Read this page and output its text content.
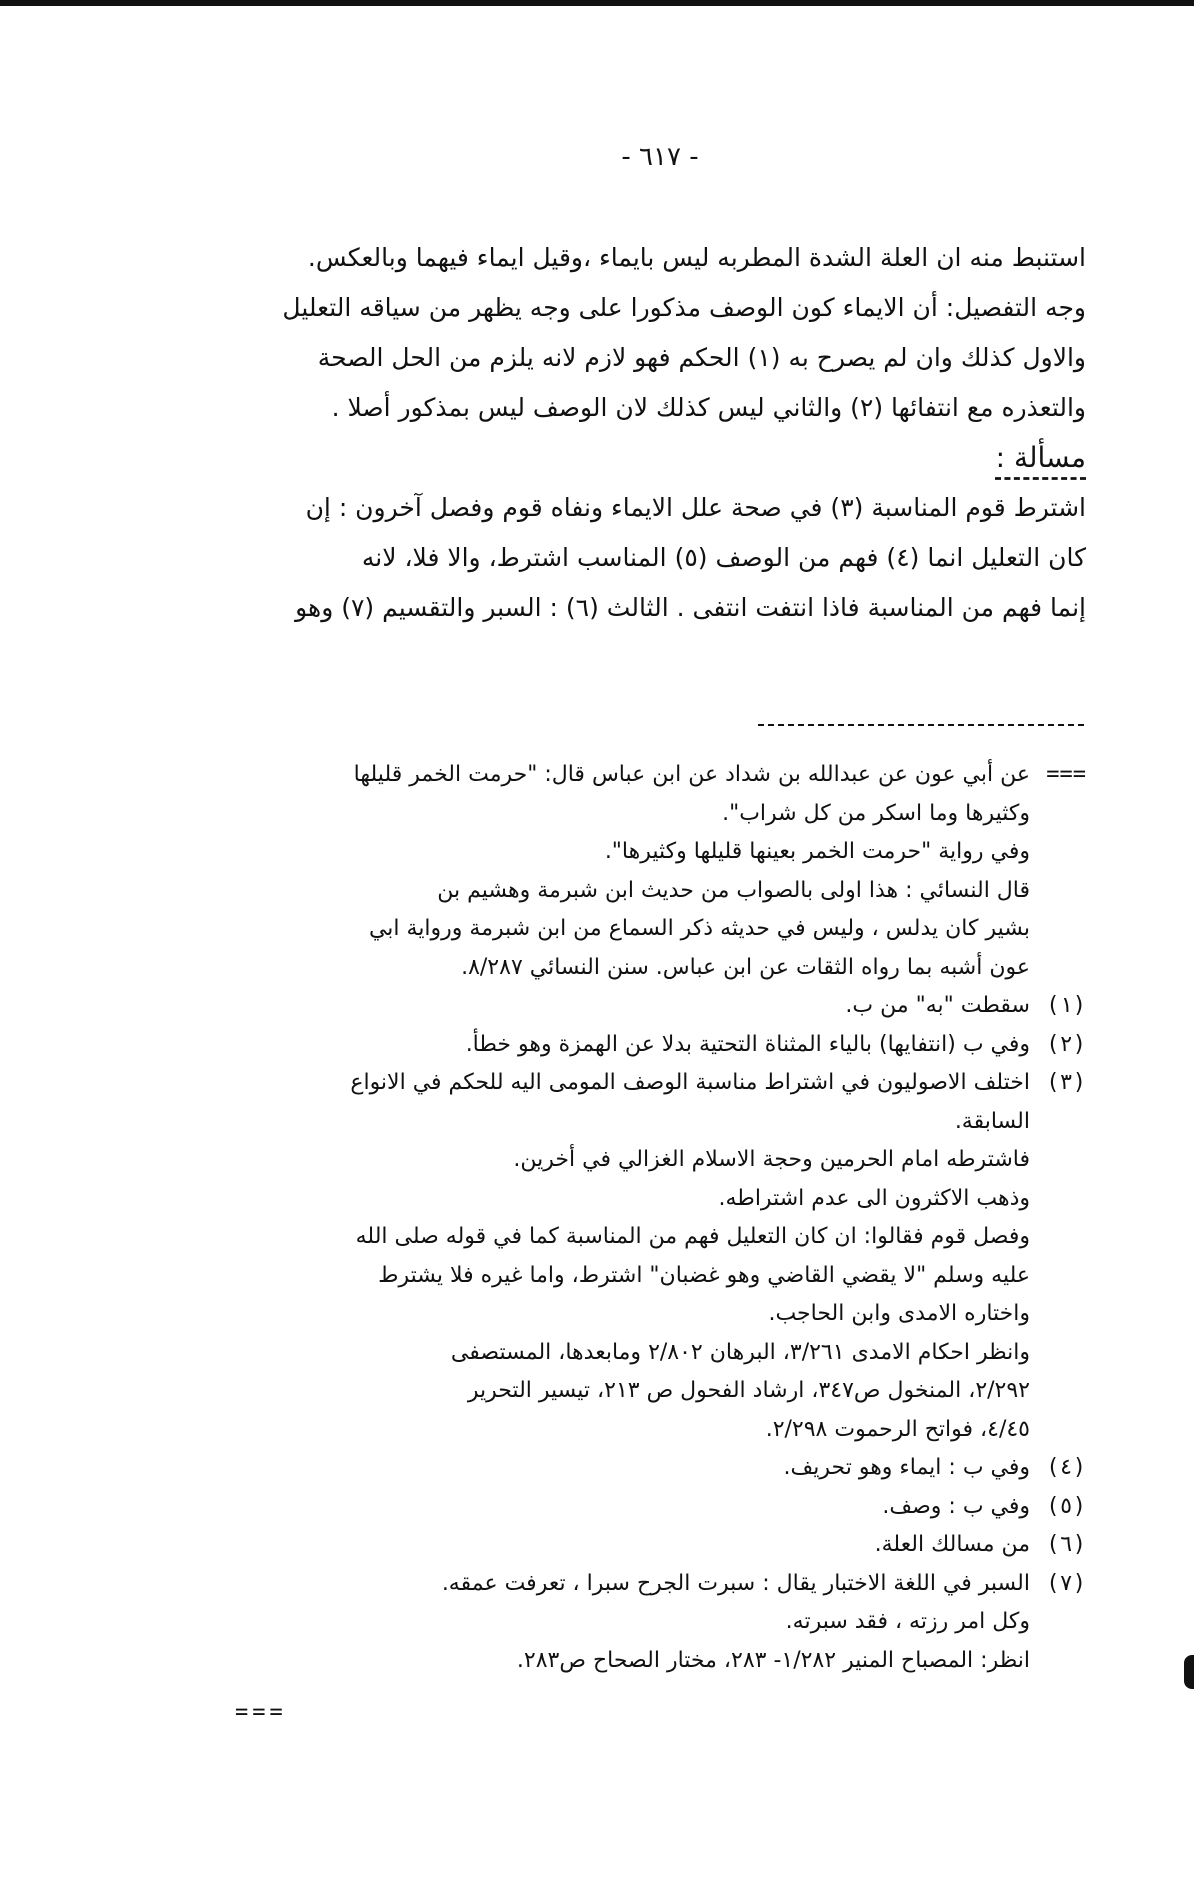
- ٦١٧ -
استنبط منه ان العلة الشدة المطربه ليس بايماء ،وقيل ايماء فيهما وبالعكس.
وجه التفصيل: أن الايماء كون الوصف مذكورا على وجه يظهر من سياقه التعليل
والاول كذلك وان لم يصرح به (١) الحكم فهو لازم لانه يلزم من الحل الصحة
والتعذره مع انتفائها (٢) والثاني ليس كذلك لان الوصف ليس بمذكور أصلا .
مسألة :
اشترط قوم المناسبة (٣) في صحة علل الايماء ونفاه قوم وفصل آخرون : إن
كان التعليل انما (٤) فهم من الوصف (٥) المناسب اشترط، والا فلا، لانه
إنما فهم من المناسبة فاذا انتفت انتفى . الثالث (٦) : السبر والتقسيم (٧) وهو
===
عن أبي عون عن عبدالله بن شداد عن ابن عباس قال: "حرمت الخمر قليلها
وكثيرها وما اسكر من كل شراب".
وفي رواية "حرمت الخمر بعينها قليلها وكثيرها".
قال النسائي : هذا اولى بالصواب من حديث ابن شبرمة وهشيم بن
بشير كان يدلس ، وليس في حديثه ذكر السماع من ابن شبرمة ورواية ابي
عون أشبه بما رواه الثقات عن ابن عباس. سنن النسائي ٨/٢٨٧.
(١)
سقطت "به" من ب.
(٢)
وفي ب (انتفايها) بالياء المثناة التحتية بدلا عن الهمزة وهو خطأ.
(٣)
اختلف الاصوليون في اشتراط مناسبة الوصف المومى اليه للحكم في الانواع
السابقة.
فاشترطه امام الحرمين وحجة الاسلام الغزالي في أخرين.
وذهب الاكثرون الى عدم اشتراطه.
وفصل قوم فقالوا: ان كان التعليل فهم من المناسبة كما في قوله صلى الله
عليه وسلم "لا يقضي القاضي وهو غضبان" اشترط، واما غيره فلا يشترط
واختاره الامدى وابن الحاجب.
وانظر احكام الامدى ٣/٢٦١، البرهان ٢/٨٠٢ ومابعدها، المستصفى
٢/٢٩٢، المنخول ص٣٤٧، ارشاد الفحول ص ٢١٣، تيسير التحرير
٤/٤٥، فواتح الرحموت ٢/٢٩٨.
(٤)
وفي ب : ايماء وهو تحريف.
(٥)
وفي ب : وصف.
(٦)
من مسالك العلة.
(٧)
السبر في اللغة الاختبار يقال : سبرت الجرح سبرا ، تعرفت عمقه.
وكل امر رزته ، فقد سبرته.
انظر: المصباح المنير ١/٢٨٢- ٢٨٣، مختار الصحاح ص٢٨٣.
===
